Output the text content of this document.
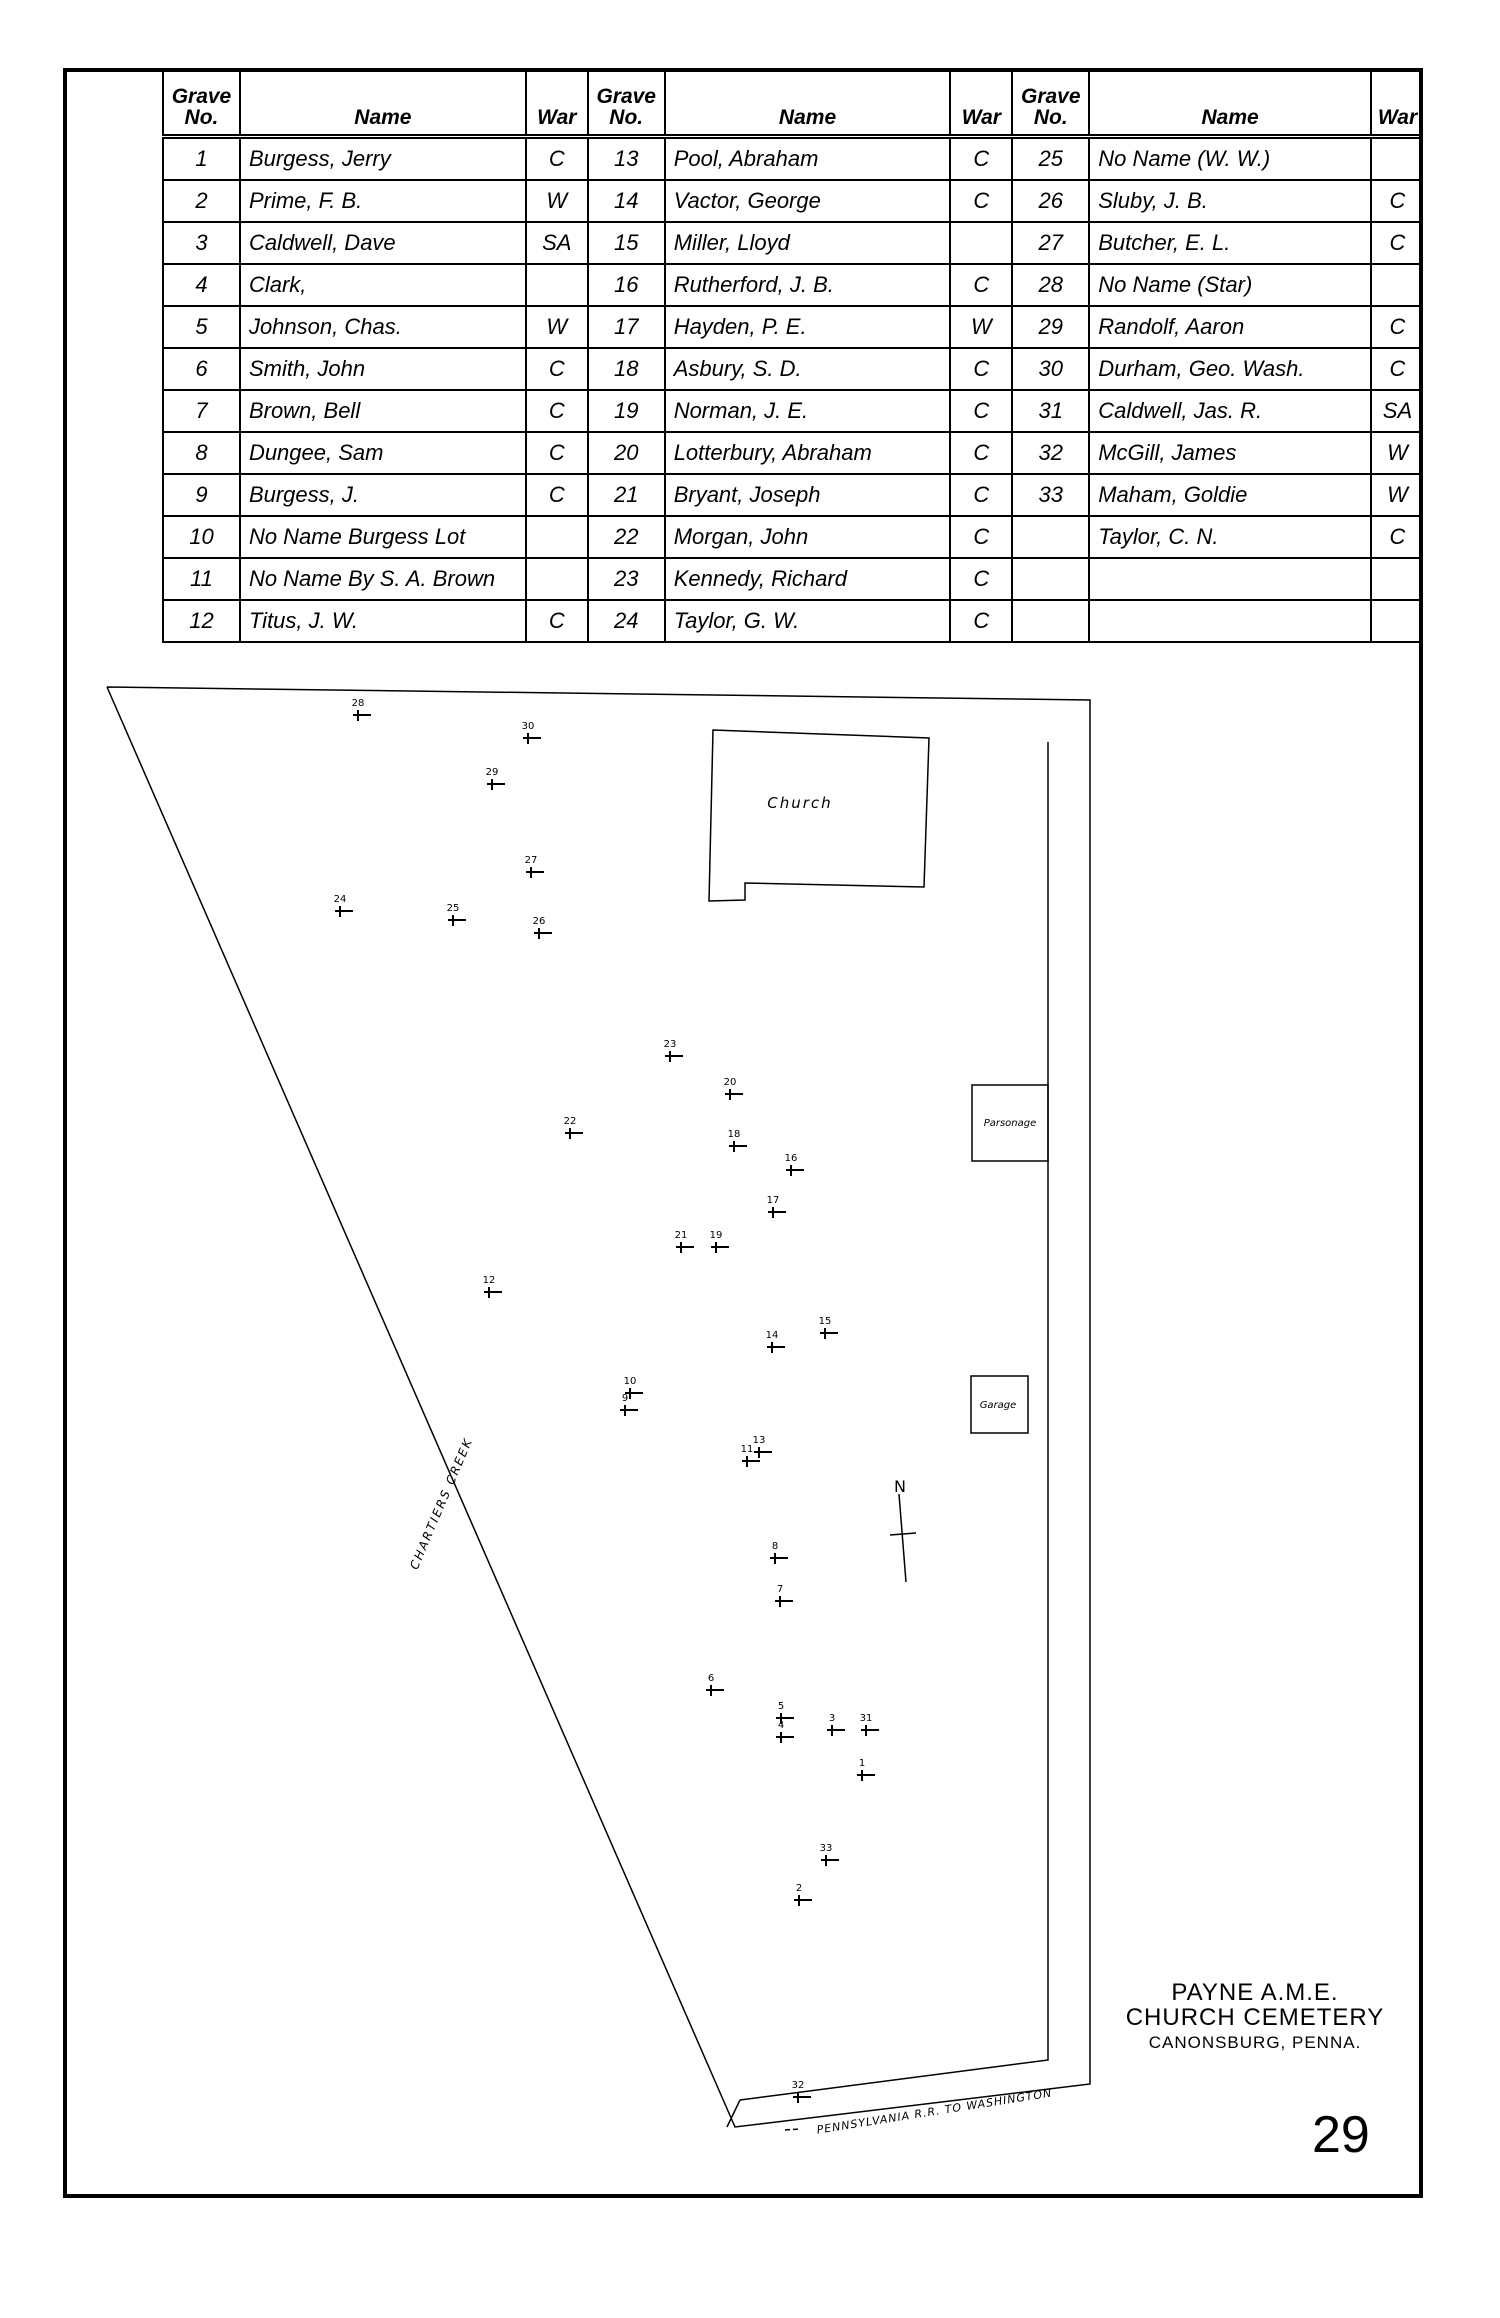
Grave No.	Name	War	Grave No.	Name	War	Grave No.	Name	War
1	Burgess, Jerry	C	13	Pool, Abraham	C	25	No Name (W. W.)	
2	Prime, F. B.	W	14	Vactor, George	C	26	Sluby, J. B.	C
3	Caldwell, Dave	SA	15	Miller, Lloyd		27	Butcher, E. L.	C
4	Clark,		16	Rutherford, J. B.	C	28	No Name (Star)	
5	Johnson, Chas.	W	17	Hayden, P. E.	W	29	Randolf, Aaron	C
6	Smith, John	C	18	Asbury, S. D.	C	30	Durham, Geo. Wash.	C
7	Brown, Bell	C	19	Norman, J. E.	C	31	Caldwell, Jas. R.	SA
8	Dungee, Sam	C	20	Lotterbury, Abraham	C	32	McGill, James	W
9	Burgess, J.	C	21	Bryant, Joseph	C	33	Maham, Goldie	W
10	No Name Burgess Lot		22	Morgan, John	C		Taylor, C. N.	C
11	No Name By S. A. Brown		23	Kennedy, Richard	C			
12	Titus, J. W.	C	24	Taylor, G. W.	C			
Church
Parsonage
Garage
N
CHARTIERS CREEK
PENNSYLVANIA R.R. TO WASHINGTON
1
2
3
4
5
6
7
8
9
10
11
12
13
14
15
16
17
18
19
20
21
22
23
24
25
26
27
28
29
30
31
32
33
PAYNE A.M.E.
CHURCH CEMETERY
CANONSBURG, PENNA.
29
